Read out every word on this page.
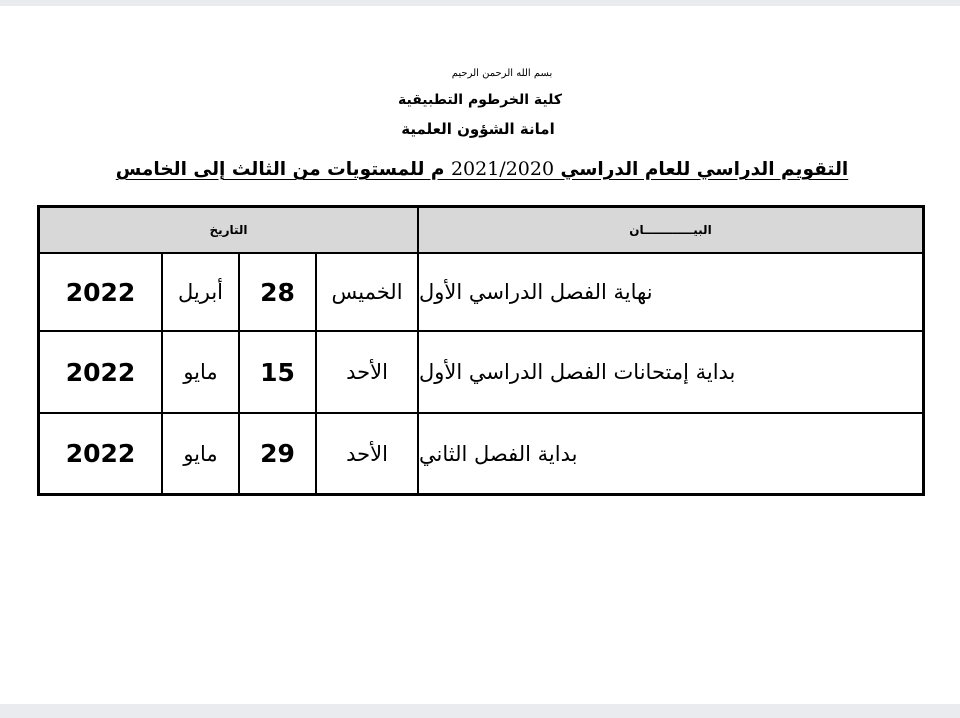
بسم الله الرحمن الرحيم
كلية الخرطوم التطبيقية
امانة الشؤون العلمية
التقويم الدراسي للعام الدراسي 2021/2020 م للمستويات من الثالث إلى الخامس
البيــــــــــــان
التاريخ
نهاية الفصل الدراسي الأول
الخميس
28
أبريل
2022
بداية إمتحانات الفصل الدراسي الأول
الأحد
15
مايو
2022
بداية الفصل الثاني
الأحد
29
مايو
2022
